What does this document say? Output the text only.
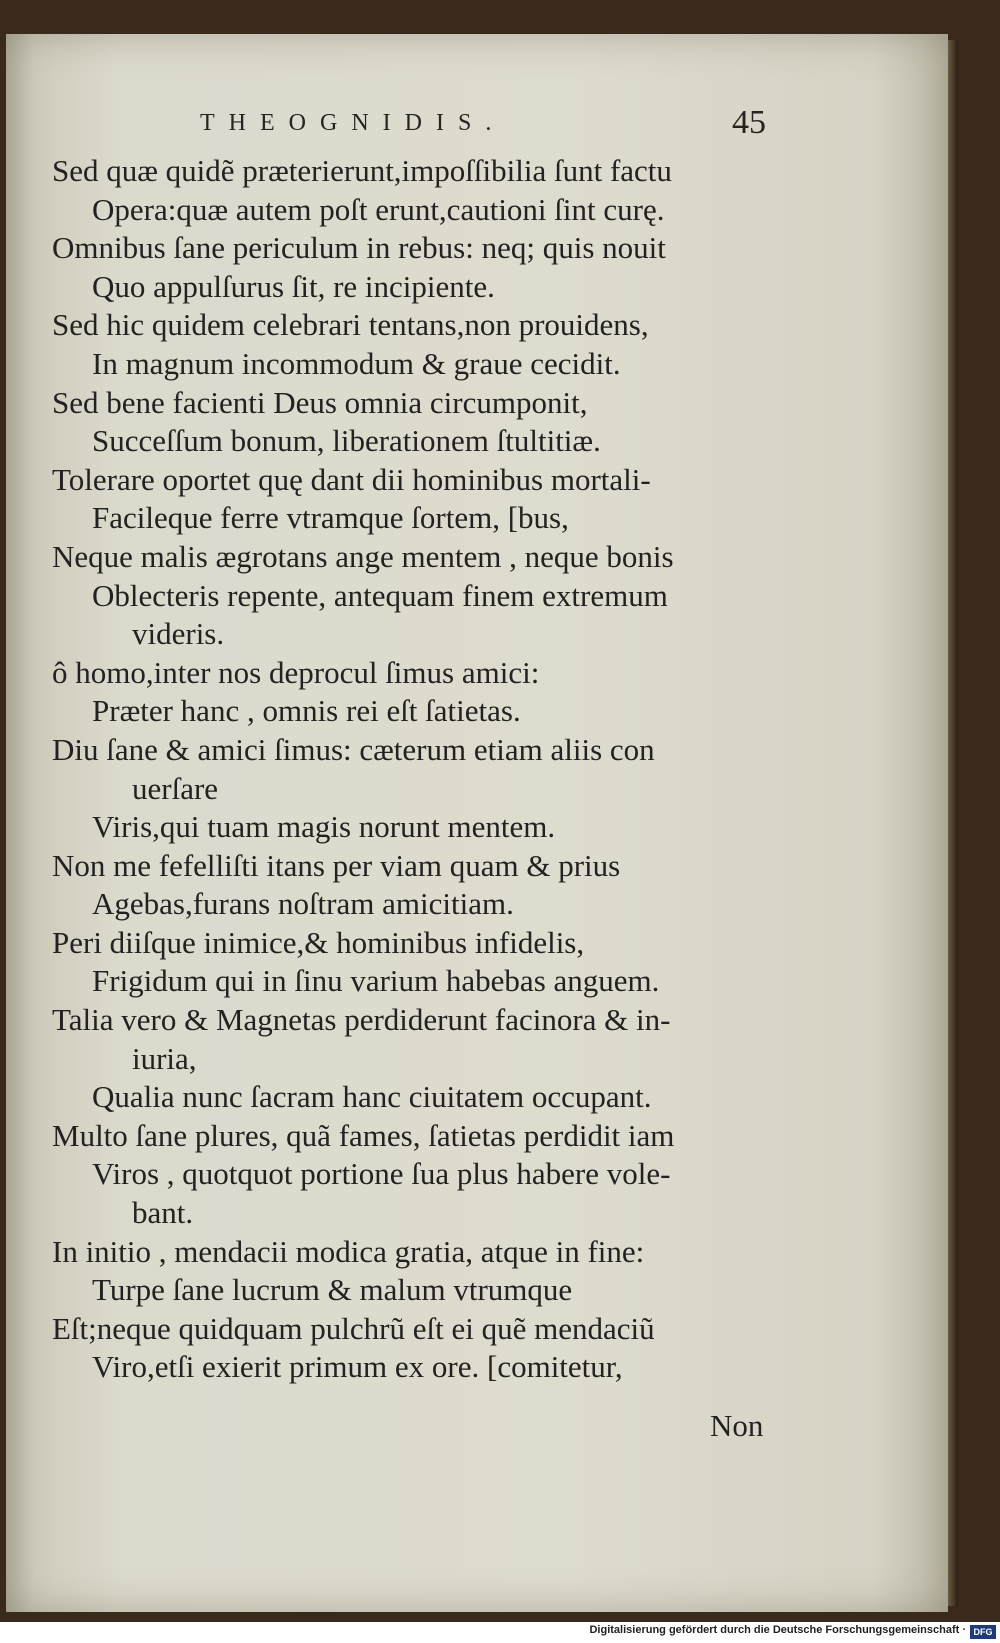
THEOGNIDIS.	45
Sed quæ quidẽ præterierunt,impoſſibilia ſunt factu
Opera:quæ autem poſt erunt,cautioni ſint curę.
Omnibus ſane periculum in rebus: neq; quis nouit
Quo appulſurus ſit, re incipiente.
Sed hic quidem celebrari tentans,non prouidens,
In magnum incommodum & graue cecidit.
Sed bene facienti Deus omnia circumponit,
Succeſſum bonum, liberationem ſtultitiæ.
Tolerare oportet quę dant dii hominibus mortali-
Facileque ferre vtramque ſortem, [bus,
Neque malis ægrotans ange mentem , neque bonis
Oblecteris repente, antequam finem extremum
videris.
ô homo,inter nos deprocul ſimus amici:
Præter hanc , omnis rei eſt ſatietas.
Diu ſane & amici ſimus: cæterum etiam aliis con
uerſare
Viris,qui tuam magis norunt mentem.
Non me fefelliſti itans per viam quam & prius
Agebas,furans noſtram amicitiam.
Peri diiſque inimice,& hominibus infidelis,
Frigidum qui in ſinu varium habebas anguem.
Talia vero & Magnetas perdiderunt facinora & in-
iuria,
Qualia nunc ſacram hanc ciuitatem occupant.
Multo ſane plures, quã fames, ſatietas perdidit iam
Viros , quotquot portione ſua plus habere vole-
bant.
In initio , mendacii modica gratia, atque in fine:
Turpe ſane lucrum & malum vtrumque
Eſt;neque quidquam pulchrũ eſt ei quẽ mendaciũ
Viro,etſi exierit primum ex ore. [comitetur,
Non
Digitalisierung gefördert durch die Deutsche Forschungsgemeinschaft · DFG
